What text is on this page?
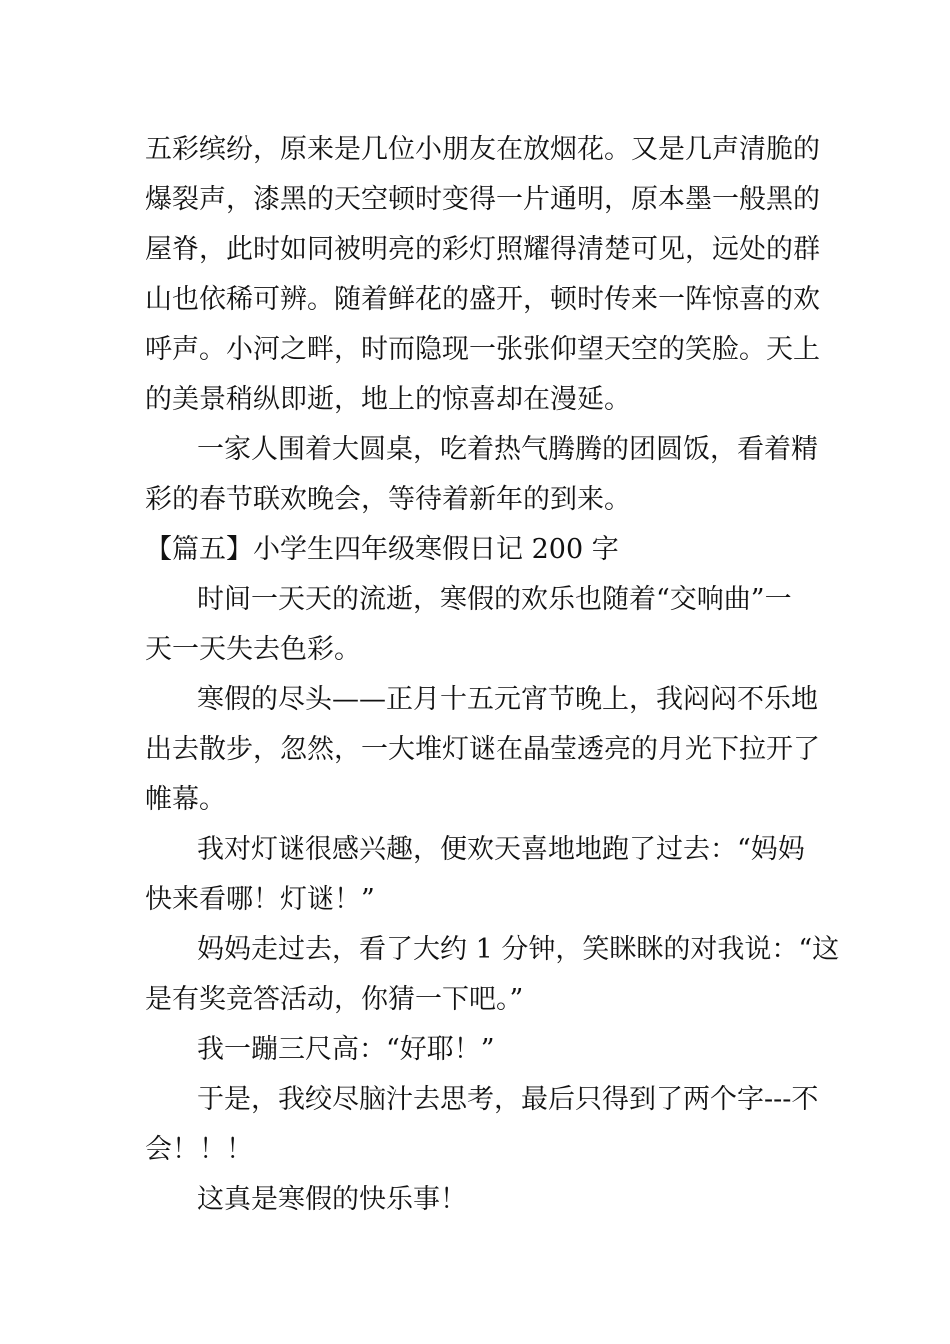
五彩缤纷，原来是几位小朋友在放烟花。又是几声清脆的
爆裂声，漆黑的天空顿时变得一片通明，原本墨一般黑的
屋脊，此时如同被明亮的彩灯照耀得清楚可见，远处的群
山也依稀可辨。随着鲜花的盛开，顿时传来一阵惊喜的欢
呼声。小河之畔，时而隐现一张张仰望天空的笑脸。天上
的美景稍纵即逝，地上的惊喜却在漫延。
一家人围着大圆桌，吃着热气腾腾的团圆饭，看着精
彩的春节联欢晚会，等待着新年的到来。
【篇五】小学生四年级寒假日记 200 字
时间一天天的流逝，寒假的欢乐也随着“交响曲”一
天一天失去色彩。
寒假的尽头——正月十五元宵节晚上，我闷闷不乐地
出去散步，忽然，一大堆灯谜在晶莹透亮的月光下拉开了
帷幕。
我对灯谜很感兴趣，便欢天喜地地跑了过去：“妈妈
快来看哪！灯谜！”
妈妈走过去，看了大约 1 分钟，笑眯眯的对我说：“这
是有奖竞答活动，你猜一下吧。”
我一蹦三尺高：“好耶！”
于是，我绞尽脑汁去思考，最后只得到了两个字---不
会！！！
这真是寒假的快乐事！
